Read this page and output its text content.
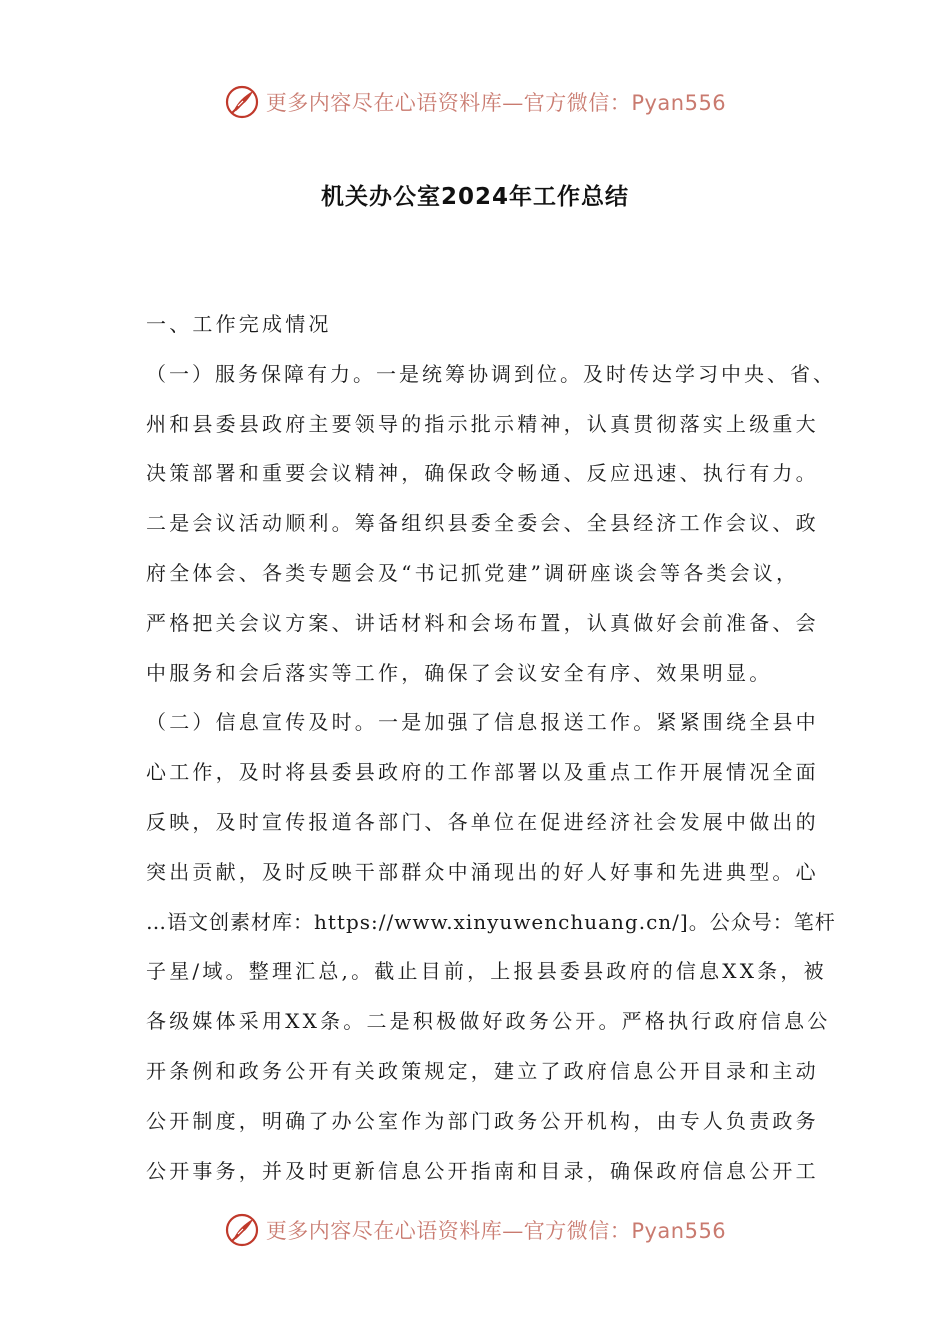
更多内容尽在心语资料库—官方微信：Pyan556
机关办公室2024年工作总结
一、工作完成情况
（一）服务保障有力。一是统筹协调到位。及时传达学习中央、省、
州和县委县政府主要领导的指示批示精神，认真贯彻落实上级重大
决策部署和重要会议精神，确保政令畅通、反应迅速、执行有力。
二是会议活动顺利。筹备组织县委全委会、全县经济工作会议、政
府全体会、各类专题会及“书记抓党建”调研座谈会等各类会议，
严格把关会议方案、讲话材料和会场布置，认真做好会前准备、会
中服务和会后落实等工作，确保了会议安全有序、效果明显。
（二）信息宣传及时。一是加强了信息报送工作。紧紧围绕全县中
心工作，及时将县委县政府的工作部署以及重点工作开展情况全面
反映，及时宣传报道各部门、各单位在促进经济社会发展中做出的
突出贡献，及时反映干部群众中涌现出的好人好事和先进典型。心
…语文创素材库：https://www.xinyuwenchuang.cn/]。公众号：笔杆
子星/域。整理汇总,。截止目前，上报县委县政府的信息XX条，被
各级媒体采用XX条。二是积极做好政务公开。严格执行政府信息公
开条例和政务公开有关政策规定，建立了政府信息公开目录和主动
公开制度，明确了办公室作为部门政务公开机构，由专人负责政务
公开事务，并及时更新信息公开指南和目录，确保政府信息公开工
更多内容尽在心语资料库—官方微信：Pyan556
